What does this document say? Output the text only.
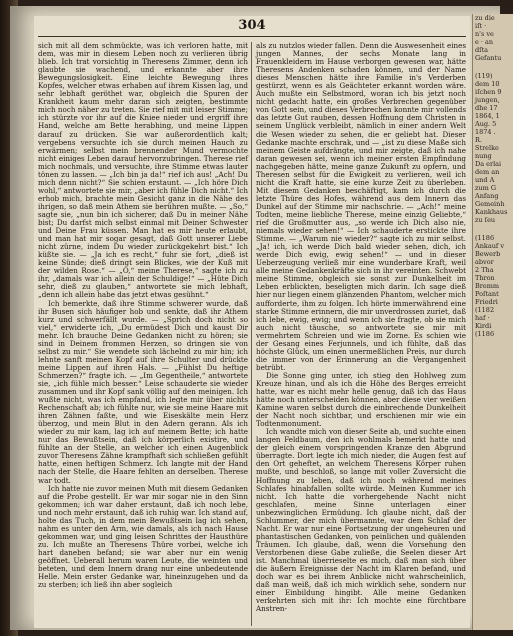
304

sich mit all dem schmückte, was ich verloren hatte, mit dem, was mir in diesem Leben noch zu verlieren übrig blieb. Ich trat vorsichtig in Theresens Zimmer, denn ich glaubte sie wachend, und erkannte aber ihre Bewegungslosigkeit. Eine leichte Bewegung ihres Kopfes, welcher etwas erhaben auf ihrem Kissen lag, und sehr lebhaft geröthet war, obgleich die Spuren der Krankheit kaum mehr daran sich zeigten, bestimmte mich noch näher zu treten. Sie rief mit mit leiser Stimme; ich stürzte vor ihr auf die Kniee nieder und ergriff ihre Hand, welche am Bette herabhing, und meine Lippen darauf zu drücken. Sie war außerordentlich kalt; vergebens versuchte ich sie durch meinen Hauch zu erwärmen; selbst mein brennender Mund vermochte nicht einiges Leben darauf hervorzubringen. Therese rief mich nochmals, und versuchte, ihre Stimme etwas lauter tönen zu lassen. — „Ich bin ja da!“ rief ich aus! „Ach! Du mich denn nicht?“ Sie schien erstaunt. — „Ich höre Dich wohl,“ antwortete sie mir, „aber ich fühle Dich nicht.“ Ich erhob mich, brachte mein Gesicht ganz in die Nähe des ihrigen, so daß mein Athem sie berühren mußte. — „So,“ sagte sie, „nun bin ich sicherer, daß Du in meiner Nähe bist; Du darfst mich selbst einmal mit Deiner Schwester und Deine Frau küssen. Man hat es mir heute erlaubt, und man hat mir sogar gesagt, daß Gott unserer Liebe nicht zürne, indem Du wieder zurückgekehrt bist.“ Ich küßte sie. — „Ja ich es recht,“ fuhr sie fort, „dieß ist keine Sünde; dieß dringt sein Blickes, wie der Kuß mit der wilden Rose.“ — „O,“ meine Therese,“ sagte ich zu ihr, „damals war ich allein der Schuldige!“ — „Hüte Dich sehr, dieß zu glauben,“ antwortete sie mich lebhaft, „denn ich allein habe das jetzt etwas gesühnt.“

Ich bemerkte, daß ihre Stimme schwerer wurde, daß ihr Busen sich häufiger hob und senkte, daß ihr Athem kurz und schwerfällt wurde. — „Sprich doch nicht so viel,“ erwiderte ich, „Du ermüdest Dich und kaust Dir mehr. Ich brauche Deine Gedanken nicht zu hören; sie sind in Deinem frommen Herzen, so dringen sie von selbst zu mir.“ Sie wendete sich lächelnd zu mir hin; ich lehnte sanft meinen Kopf auf ihre Schulter und drückte meine Lippen auf ihren Hals. — „Fühlst Du heftige Schmerzen?“ fragte ich. — „Im Gegentheile,“ antwortete sie, „ich fühle mich besser.“ Leise schauderte sie wieder zusammen und ihr Kopf sank völlig auf den meinigen. Ich wußte nicht, was ich empfand, ich legte mir über nichts Rechenschaft ab; ich fühlte nur, wie sie meine Haare mit ihren Zähnen faßte, und wie Eiseskälte mein Herz überzog, und mein Blut in den Adern gerann. Als ich wieder zu mir kam, lag ich auf meinem Bette; ich hatte nur das Bewußtsein, daß ich körperlich existire, und fühlte an der Stelle, an welcher ich einen Augenblick zuvor Theresens Zähne krampfhaft sich schließen gefühlt hatte, einen heftigen Schmerz. Ich langte mit der Hand nach der Stelle, die Haare fehlten an derselben. Therese war todt.

Ich hatte nie zuvor meinen Muth mit diesem Gedanken auf die Probe gestellt. Er war mir sogar nie in den Sinn gekommen; ich war daher erstaunt, daß ich noch lebe, und noch mehr erstaunt, daß ich ruhig war. Ich stand auf, holte das Tuch, in dem mein Bewußtsein lag ich sehen, nahm es unter den Arm, wie damals, als ich nach Hause gekommen war, und ging leisen Schrittes der Hausthüre zu. Ich mußte an Theresens Thüre vorbei, welche ich hart daneben befand; sie war aber nur ein wenig geöffnet. Ueberall herum waren Leute, die weinten und beteten, und dem Innern drang nur eine unbedeutende Helle. Mein erster Gedanke war, hineinzugehen und da zu sterben; ich ließ ihn aber sogleich

als zu nutzlos wieder fallen. Denn die Auswesenheit eines jungen Mannes, der sechs Monate lang in Frauenkleidern im Hause verborgen gewesen war, hätte Theresens Andenken schaden können, und der Name dieses Menschen hätte ihre Familie in's Verderben gestürzt, wenn es als Geächteter erkannt worden wäre. Auch mußte ein Selbstmord, woran ich bis jetzt noch nicht gedacht hatte, ein großes Verbrechen gegenüber von Gott sein, und dieses Verbrechen konnte mir vollends das letzte Gut rauben, dessen Hoffnung dem Christen in seinem Unglück verbleibt, nämlich in einer andern Welt die Wesen wieder zu sehen, die er geliebt hat. Dieser Gedanke machte erschrak, und — „ist zu diese Maße sich meinem Geiste aufdrängte, und mir zeigte, daß ich nahe daran gewesen sei, wenn ich meiner ersten Empfindung nachgegeben hätte, meine ganze Zukunft zu opfern, und Theresen selbst für die Ewigkeit zu verlieren, weil ich nicht die Kraft hatte, sie eine kurze Zeit zu überleben. Mit diesem Gedanken beschäftigt, kam ich durch die letzte Thüre des Hofes, während aus dem Innern das Dunkel auf der Stimme mir nachschrie. — „Ach!“ meine Todten, meine liebliche Therese, meine einzig Geliebte,“ rief die Großmutter aus, „so werde ich Dich also nie, niemals wieder sehen!“ — Ich schauderte erstickte ihre Stimme. — „Warum nie wieder?“ sagte ich zu mir selbst. „Ja! ich, ich werde Dich bald wieder sehen, dich, ich werde Dich ewig, ewig sehen!“ — und in dieser Ueberzeugung verließ mir eine wunderbare Kraft, weil alle meine Gedankenkräfte sich in ihr vereinten. Schwebt meine Stimme, obgleich sie sonst zur Dunkelheit im Leben erblickten, beseligten mich darin. Ich sage dieß hier nur liegen einem glänzenden Phantom, welcher mich aufforderte, ihm zu folgen. Ich hörte immerwährend eine starke Stimme erinnern, die mir unverdrossen zuriet, daß ich lebe, ewig, ewig; und wenn ich sie fragte, ob sie mich auch nicht täusche, so antwortete sie mir mit vermehrtem Schreien und wie im Zorne. Es schien wie der Gesang eines Ferjunnels, und ich fühlte, daß das höchste Glück, um einen unermeßlichen Preis, nur durch die immer von der Erinnerung an die Vergangenheit betrübt.

Die Sonne ging unter, ich stieg den Hohlweg zum Kreuze hinan, und als ich die Höhe des Berges erreicht hatte, war es nicht mehr helle genug, daß ich das Haus hätte noch unterscheiden können, aber diese vier weißen Kamine waren selbst durch die einbrechende Dunkelheit der Nacht noch sichtbar, und erschienen mir wie ein Todtenmonument.

Ich wandte mich von dieser Seite ab, und suchte einen langen Feldbaum, den ich wohlmals bemerkt hatte und der gleich einem vorspringenden Kranze den Abgrund überragte. Dort legte ich mich nieder, die Augen fest auf den Ort geheftet, an welchem Theresens Körper ruhen mußte, und beschloß, so lange mit voller Zuversicht die Hoffnung zu leben, daß ich noch während meines Schlafes hinabfallen sollte würde. Meinen Kummer ich nicht. Ich hatte die vorhergehende Nacht nicht geschlafen, meine Sinne unterlagen einer unbezwinglichen Ermüdung. Ich glaube nicht, daß der Schlummer, der mich übermannte, war dem Schlaf der Nacht. Er war nur eine Fortsetzung der ungeheuren und phantastischen Gedanken, von peinlichen und quälenden Träumen. Ich glaube, daß, wenn die Vorsehung den Verstorbenen diese Gabe zuließe, die Seelen dieser Art ist. Manchmal überrieselte es mich, daß man sich über die äußern Ereignisse der Nacht im Klaren befand, und doch war es bei ihrem Anblicke nicht wahrscheinlich, daß man weiß, daß ich mich wirklich sehe, sondern nur einer Einbildung hingibt. Alle meine Gedanken verkehrten sich mit ihr: Ich mochte eine fürchtbare Anstren-

zu die
iſt ·
n's ve
e · an
dſta
Gefantu
(119)
dem 10
iſchen 9
jungen,
dhe 17
1864, 1
Aug. 5
1874 .
R.
Strelke
nung
Da erlai
dem an
und A
zum G
Anfang
Gemeinh
Kankhaus
zu ſeu
(1186
Ankauf v
Bewerb
abvor
2 Tha
Thron
Bremm
Poſtant
Friedri
(1182
haf ·
Kirdi
(1186
